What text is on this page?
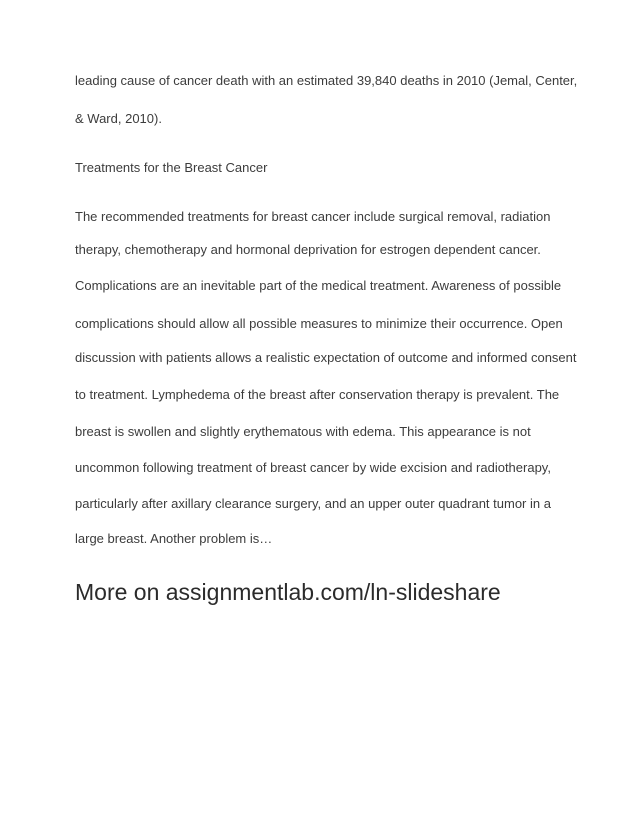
leading cause of cancer death with an estimated 39,840 deaths in 2010 (Jemal, Center,

& Ward, 2010).

Treatments for the Breast Cancer

The recommended treatments for breast cancer include surgical removal, radiation

therapy, chemotherapy and hormonal deprivation for estrogen dependent cancer.

Complications are an inevitable part of the medical treatment. Awareness of possible

complications should allow all possible measures to minimize their occurrence. Open

discussion with patients allows a realistic expectation of outcome and informed consent

to treatment. Lymphedema of the breast after conservation therapy is prevalent. The

breast is swollen and slightly erythematous with edema. This appearance is not

uncommon following treatment of breast cancer by wide excision and radiotherapy,

particularly after axillary clearance surgery, and an upper outer quadrant tumor in a

large breast. Another problem is…

More on assignmentlab.com/ln-slideshare
